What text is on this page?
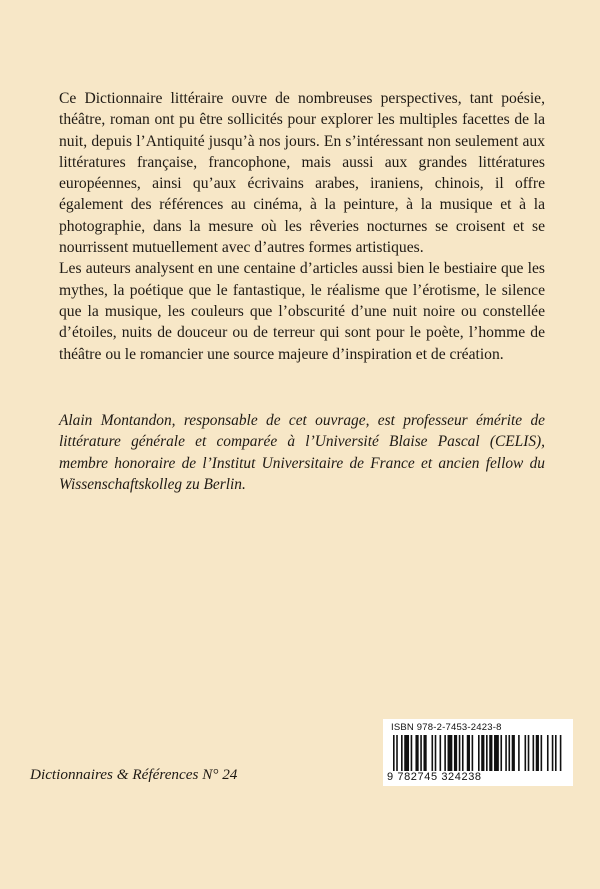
Ce Dictionnaire littéraire ouvre de nombreuses perspectives, tant poésie, théâtre, roman ont pu être sollicités pour explorer les multiples facettes de la nuit, depuis l’Antiquité jusqu’à nos jours. En s’intéressant non seulement aux littératures française, francophone, mais aussi aux grandes littératures européennes, ainsi qu’aux écrivains arabes, iraniens, chinois, il offre également des références au cinéma, à la peinture, à la musique et à la photographie, dans la mesure où les rêveries nocturnes se croisent et se nourrissent mutuellement avec d’autres formes artistiques.

Les auteurs analysent en une centaine d’articles aussi bien le bestiaire que les mythes, la poétique que le fantastique, le réalisme que l’érotisme, le silence que la musique, les couleurs que l’obscurité d’une nuit noire ou constellée d’étoiles, nuits de douceur ou de terreur qui sont pour le poète, l’homme de théâtre ou le romancier une source majeure d’inspiration et de création.

Alain Montandon, responsable de cet ouvrage, est professeur émérite de littérature générale et comparée à l’Université Blaise Pascal (CELIS), membre honoraire de l’Institut Universitaire de France et ancien fellow du Wissenschaftskolleg zu Berlin.
Dictionnaires & Références N° 24
ISBN 978-2-7453-2423-8
9 782745 324238
